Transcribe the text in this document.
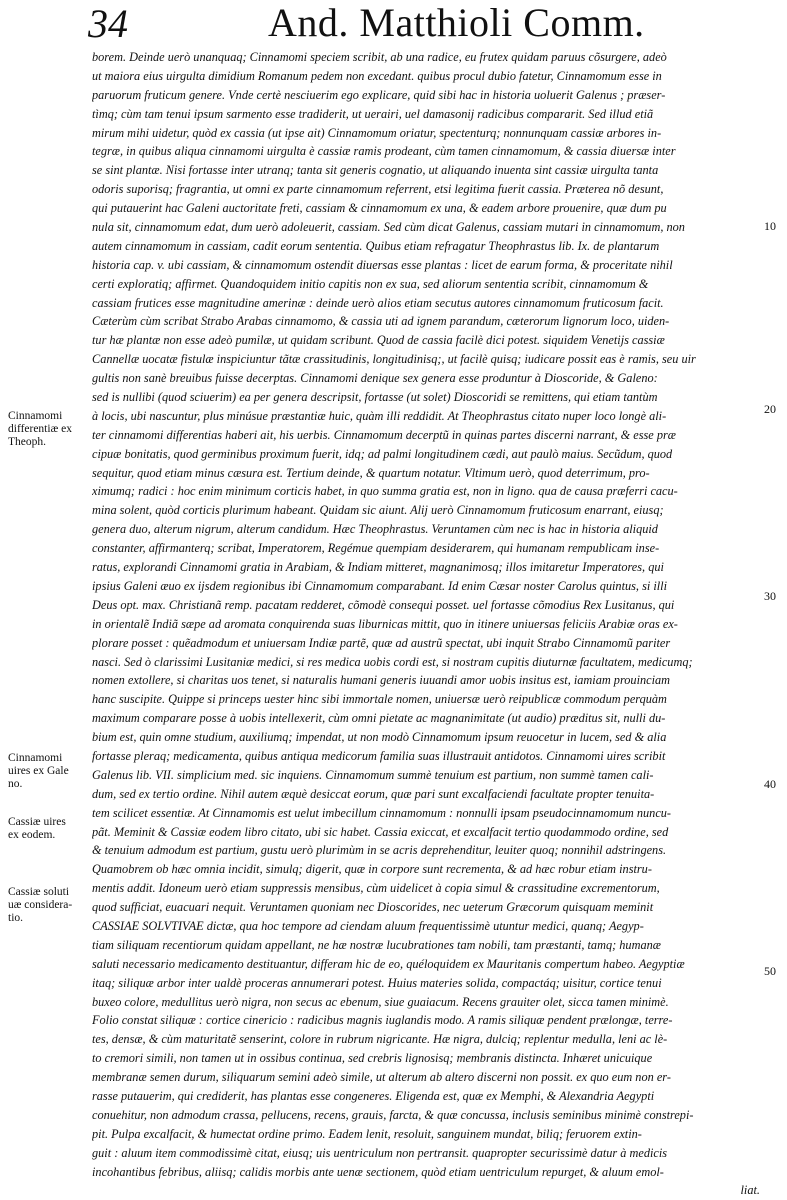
34	And. Matthioli Comm.
borem. Deinde uerò unanquaq; Cinnamomi speciem scribit, ab una radice, eu frutex quidam paruus cõsurgere, adeò
ut maiora eius uirgulta dimidium Romanum pedem non excedant. quibus procul dubio fatetur, Cinnamomum esse in
paruorum fruticum genere. Vnde certè nesciuerim ego explicare, quid sibi hac in historia uoluerit Galenus ; præser-
tìmq; cùm tam tenui ipsum sarmento esse tradiderit, ut uerairi, uel damasonij radicibus compararit. Sed illud etiã
mirum mihi uidetur, quòd ex cassia (ut ipse ait) Cinnamomum oriatur, spectenturq; nonnunquam cassiæ arbores in-
tegræ, in quibus aliqua cinnamomi uirgulta è cassiæ ramis prodeant, cùm tamen cinnamomum, & cassia diuersæ inter
se sint plantæ. Nisi fortasse inter utranq; tanta sit generis cognatio, ut aliquando inuenta sint cassiæ uirgulta tanta
odoris suporisq; fragrantia, ut omni ex parte cinnamomum referrent, etsi legitima fuerit cassia. Præterea nõ desunt,
qui putauerint hac Galeni auctoritate freti, cassiam & cinnamomum ex una, & eadem arbore prouenire, quæ dum pu
nula sit, cinnamomum edat, dum uerò adoleuerit, cassiam. Sed cùm dicat Galenus, cassiam mutari in cinnamomum, non
autem cinnamomum in cassiam, cadit eorum sententia. Quibus etiam refragatur Theophrastus lib. Ix. de plantarum
historia cap. v. ubi cassiam, & cinnamomum ostendit diuersas esse plantas : licet de earum forma, & proceritate nihil
certi exploratiq; affirmet. Quandoquidem initio capitis non ex sua, sed aliorum sententia scribit, cinnamomum &
cassiam frutices esse magnitudine amerinæ : deinde uerò alios etiam secutus autores cinnamomum fruticosum facit.
Cæterùm cùm scribat Strabo Arabas cinnamomo, & cassia uti ad ignem parandum, cæterorum lignorum loco, uiden-
tur hæ plantæ non esse adeò pumilæ, ut quidam scribunt. Quod de cassia facilè dici potest. siquidem Venetijs cassiæ
Cannellæ uocatæ fistulæ inspiciuntur tãtæ crassitudinis, longitudinisq;, ut facilè quisq; iudicare possit eas è ramis, seu uir
gultis non sanè breuibus fuisse decerptas. Cinnamomi denique sex genera esse produntur à Dioscoride, & Galeno:
sed is nullibi (quod sciuerim) ea per genera descripsit, fortasse (ut solet) Dioscoridi se remittens, qui etiam tantùm
à locis, ubi nascuntur, plus minúsue præstantiæ huic, quàm illi reddidit. At Theophrastus citato nuper loco longè ali-
ter cinnamomi differentias haberi ait, his uerbis. Cinnamomum decerptũ in quinas partes discerni narrant, & esse præ
cipuæ bonitatis, quod germinibus proximum fuerit, idq; ad palmi longitudinem cædi, aut paulò maius. Secũdum, quod
sequitur, quod etiam minus cæsura est. Tertium deinde, & quartum notatur. Vltimum uerò, quod deterrimum, pro-
ximumq; radici : hoc enim minimum corticis habet, in quo summa gratia est, non in ligno. qua de causa præferri cacu-
mina solent, quòd corticis plurimum habeant. Quidam sic aiunt. Alij uerò Cinnamomum fruticosum enarrant, eiusq;
genera duo, alterum nigrum, alterum candidum. Hæc Theophrastus. Veruntamen cùm nec is hac in historia aliquid
constanter, affirmanterq; scribat, Imperatorem, Regémue quempiam desiderarem, qui humanam rempublicam inse-
ratus, explorandi Cinnamomi gratia in Arabiam, & Indiam mitteret, magnanimosq; illos imitaretur Imperatores, qui
ipsius Galeni æuo ex ijsdem regionibus ibi Cinnamomum comparabant. Id enim Cæsar noster Carolus quintus, si illi
Deus opt. max. Christianã remp. pacatam redderet, cõmodè consequi posset. uel fortasse cõmodius Rex Lusitanus, qui
in orientalẽ Indiã sæpe ad aromata conquirenda suas liburnicas mittit, quo in itinere uniuersas feliciis Arabiæ oras ex-
plorare posset : quẽadmodum et uniuersam Indiæ partẽ, quæ ad austrũ spectat, ubi inquit Strabo Cinnamomũ pariter
nasci. Sed ò clarissimi Lusitaniæ medici, si res medica uobis cordi est, si nostram cupitis diuturnæ facultatem, medicumq;
nomen extollere, si charitas uos tenet, si naturalis humani generis iuuandi amor uobis insitus est, iamiam prouinciam
hanc suscipite. Quippe si princeps uester hinc sibi immortale nomen, uniuersæ uerò reipublicæ commodum perquàm
maximum comparare posse à uobis intellexerit, cùm omni pietate ac magnanimitate (ut audio) præditus sit, nulli du-
bium est, quin omne studium, auxiliumq; impendat, ut non modò Cinnamomum ipsum reuocetur in lucem, sed & alia
fortasse pleraq; medicamenta, quibus antiqua medicorum familia suas illustrauit antidotos. Cinnamomi uires scribit
Galenus lib. VII. simplicium med. sic inquiens. Cinnamomum summè tenuium est partium, non summè tamen cali-
dum, sed ex tertio ordine. Nihil autem æquè desiccat eorum, quæ pari sunt excalfaciendi facultate propter tenuita-
tem scilicet essentiæ. At Cinnamomis est uelut imbecillum cinnamomum : nonnulli ipsam pseudocinnamomum nuncu-
pãt. Meminit & Cassiæ eodem libro citato, ubi sic habet. Cassia exiccat, et excalfacit tertio quodammodo ordine, sed
& tenuium admodum est partium, gustu uerò plurimùm in se acris deprehenditur, leuiter quoq; nonnihil adstringens.
Quamobrem ob hæc omnia incidit, simulq; digerit, quæ in corpore sunt recrementa, & ad hæc robur etiam instru-
mentis addit. Idoneum uerò etiam suppressis mensibus, cùm uidelicet à copia simul & crassitudine excrementorum,
quod sufficiat, euacuari nequit. Veruntamen quoniam nec Dioscorides, nec ueterum Græcorum quisquam meminit
CASSIAE SOLVTIVAE dictæ, qua hoc tempore ad ciendam aluum frequentissimè utuntur medici, quanq; Aegyp-
tiam siliquam recentiorum quidam appellant, ne hæ nostræ lucubrationes tam nobili, tam præstanti, tamq; humanæ
saluti necessario medicamento destituantur, differam hic de eo, quéloquidem ex Mauritanis compertum habeo. Aegyptiæ
itaq; siliquæ arbor inter ualdè proceras annumerari potest. Huius materies solida, compactáq; uisitur, cortice tenui
buxeo colore, medullitus uerò nigra, non secus ac ebenum, siue guaiacum. Recens grauiter olet, sicca tamen minimè.
Folio constat siliquæ : cortice cinericio : radicibus magnis iuglandis modo. A ramis siliquæ pendent prælongæ, terre-
tes, densæ, & cùm maturitatẽ senserint, colore in rubrum nigricante. Hæ nigra, dulciq; replentur medulla, leni ac lè-
to cremori simili, non tamen ut in ossibus continua, sed crebris lignosisq; membranis distincta. Inhæret unicuique
membranæ semen durum, siliquarum semini adeò simile, ut alterum ab altero discerni non possit. ex quo eum non er-
rasse putauerim, qui crediderit, has plantas esse congeneres. Eligenda est, quæ ex Memphi, & Alexandria Aegypti
conuehitur, non admodum crassa, pellucens, recens, grauis, farcta, & quæ concussa, inclusis seminibus minimè constrepi-
pit. Pulpa excalfacit, & humectat ordine primo. Eadem lenit, resoluit, sanguinem mundat, biliq; feruorem extin-
guit : aluum item commodissimè citat, eiusq; uis uentriculum non pertransit. quapropter securissimè datur à medicis
incohantibus febribus, aliisq; calidis morbis ante uenæ sectionem, quòd etiam uentriculum repurget, & aluum emol-
liat.
Cinnamomi
differentiæ ex
Theoph.
Cinnamomi
uires ex Gale
no.
Cassiæ uires
ex eodem.
Cassiæ soluti
uæ considera-
tio.
10
20
30
40
50
